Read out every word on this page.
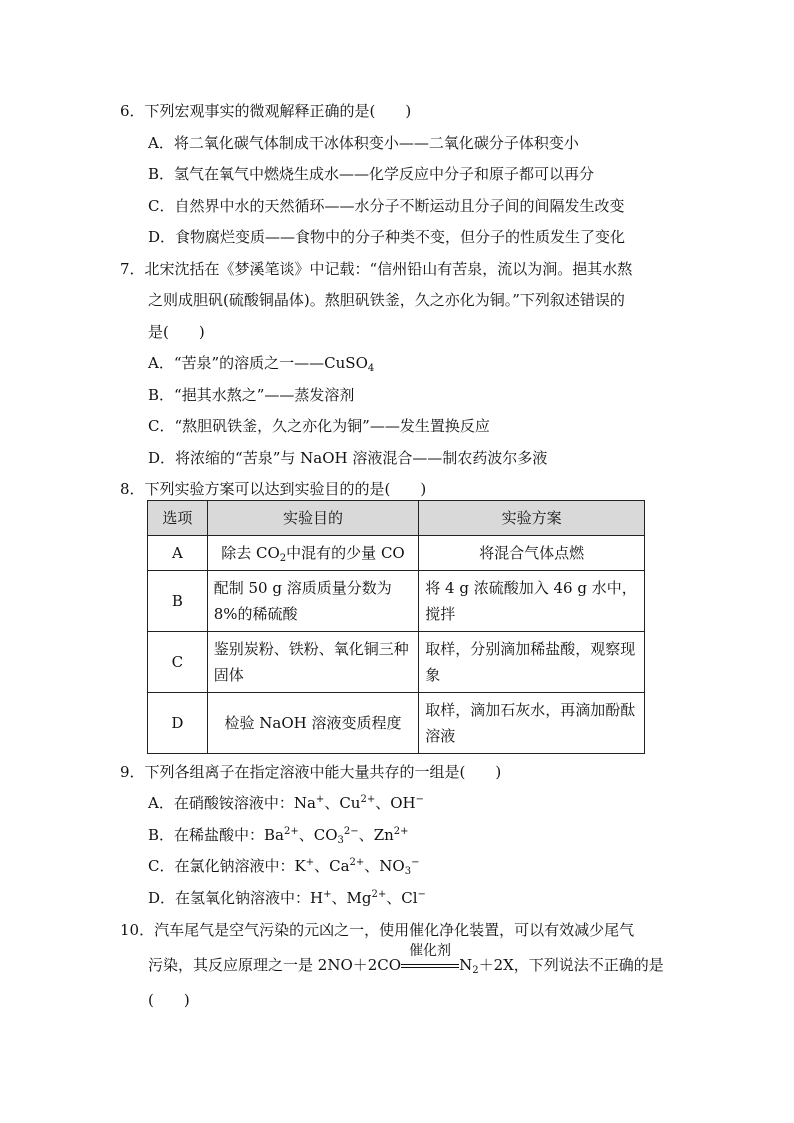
6．下列宏观事实的微观解释正确的是(　　)
A．将二氧化碳气体制成干冰体积变小——二氧化碳分子体积变小
B．氢气在氧气中燃烧生成水——化学反应中分子和原子都可以再分
C．自然界中水的天然循环——水分子不断运动且分子间的间隔发生改变
D．食物腐烂变质——食物中的分子种类不变，但分子的性质发生了变化
7．北宋沈括在《梦溪笔谈》中记载：“信州铅山有苦泉，流以为涧。挹其水熬
之则成胆矾(硫酸铜晶体)。熬胆矾铁釜，久之亦化为铜。”下列叙述错误的
是(　　)
A．“苦泉”的溶质之一——CuSO$_4$
B．“挹其水熬之”——蒸发溶剂
C．“熬胆矾铁釜，久之亦化为铜”——发生置换反应
D．将浓缩的“苦泉”与 NaOH 溶液混合——制农药波尔多液
8．下列实验方案可以达到实验目的的是(　　)
选项	实验目的	实验方案
A	除去 $CO_2$中混有的少量 CO	将混合气体点燃
B	配制 50 g 溶质质量分数为 8%的稀硫酸	将 4 g 浓硫酸加入 46 g 水中，搅拌
C	鉴别炭粉、铁粉、氧化铜三种固体	取样，分别滴加稀盐酸，观察现象
D	检验 NaOH 溶液变质程度	取样，滴加石灰水，再滴加酚酞溶液
9．下列各组离子在指定溶液中能大量共存的一组是(　　)
A．在硝酸铵溶液中：Na+、$Cu^{2+}$、OH−
B．在稀盐酸中：$Ba^{2+}$、$CO_3^{2-}$、$Zn^{2+}$
C．在氯化钠溶液中：K+、$Ca^{2+}$、$NO_3^-$
D．在氢氧化钠溶液中：H+、$Mg^{2+}$、Cl−
10．汽车尾气是空气污染的元凶之一，使用催化净化装置，可以有效减少尾气
污染，其反应原理之一是 2NO＋2CO
催化剂
$N_2+2X$，下列说法不正确的是
(　　)
